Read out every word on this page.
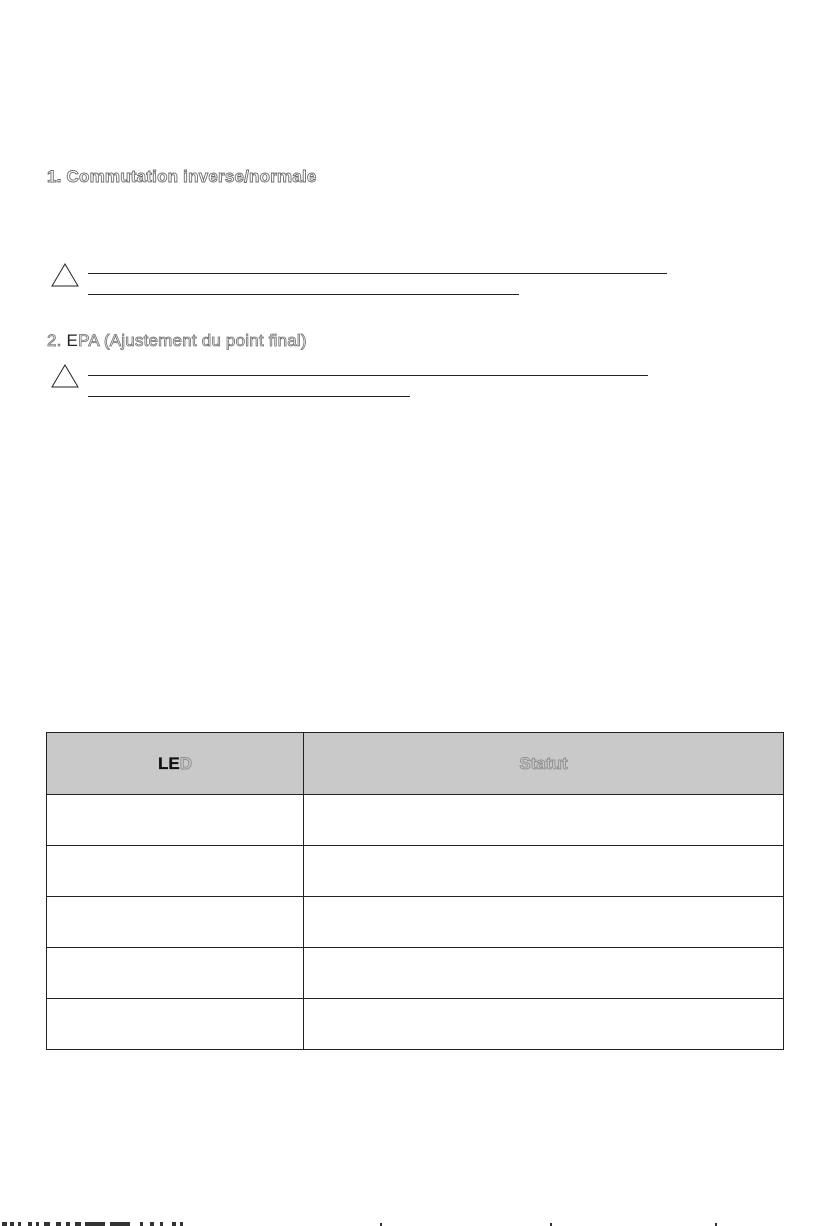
1. Commutation inverse/normale
2. EPA (Ajustement du point final)
LED	Statut
